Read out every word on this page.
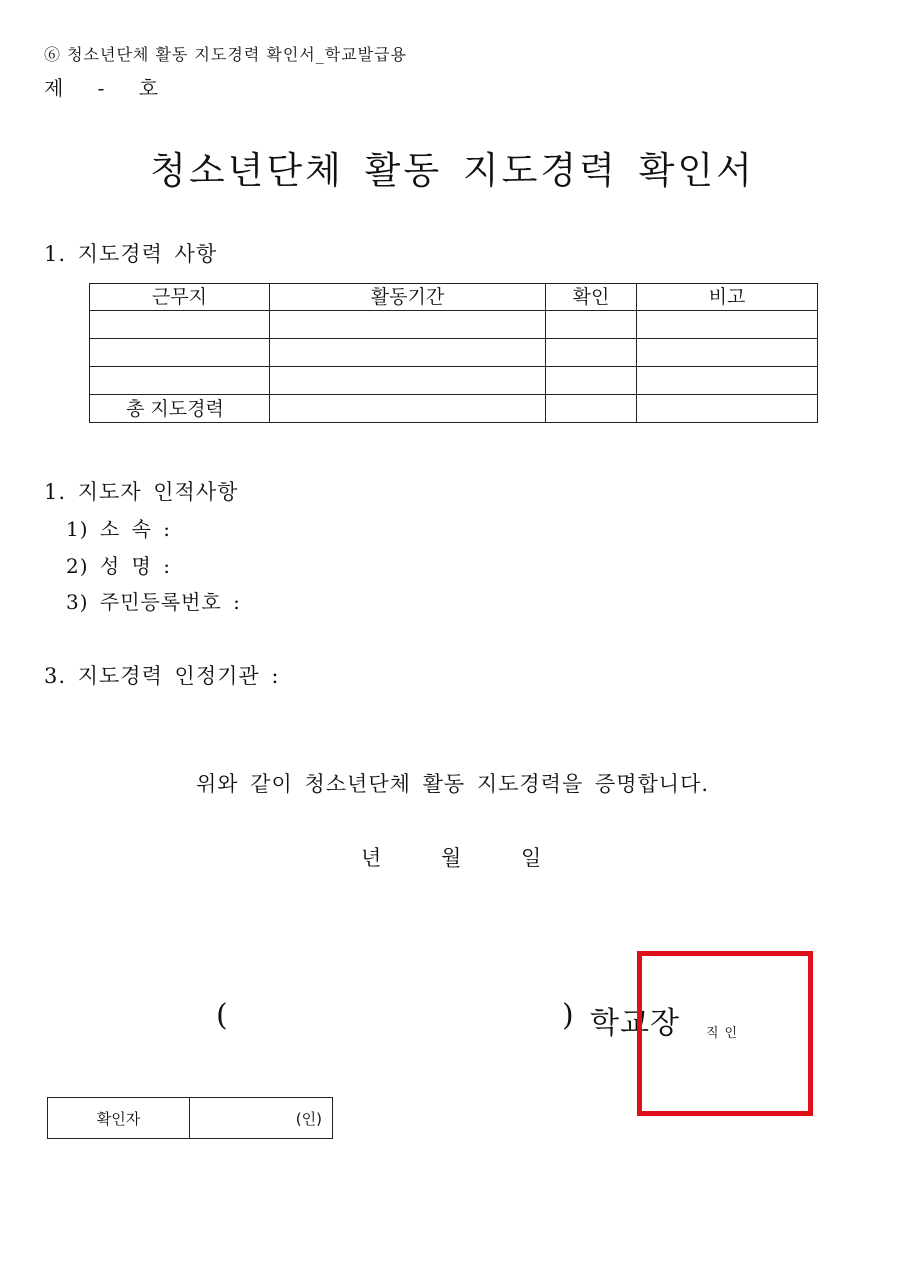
⑥ 청소년단체 활동 지도경력 확인서_학교발급용
제 - 호
청소년단체 활동 지도경력 확인서
1. 지도경력 사항
근무지	활동기간	확인	비고

총 지도경력			
1. 지도자 인적사항
1) 소 속 :
2) 성 명 :
3) 주민등록번호 :
3. 지도경력 인정기관 :
위와 같이 청소년단체 활동 지도경력을 증명합니다.
년	월	일
(	) 학교장 직인
확인자	(인)
